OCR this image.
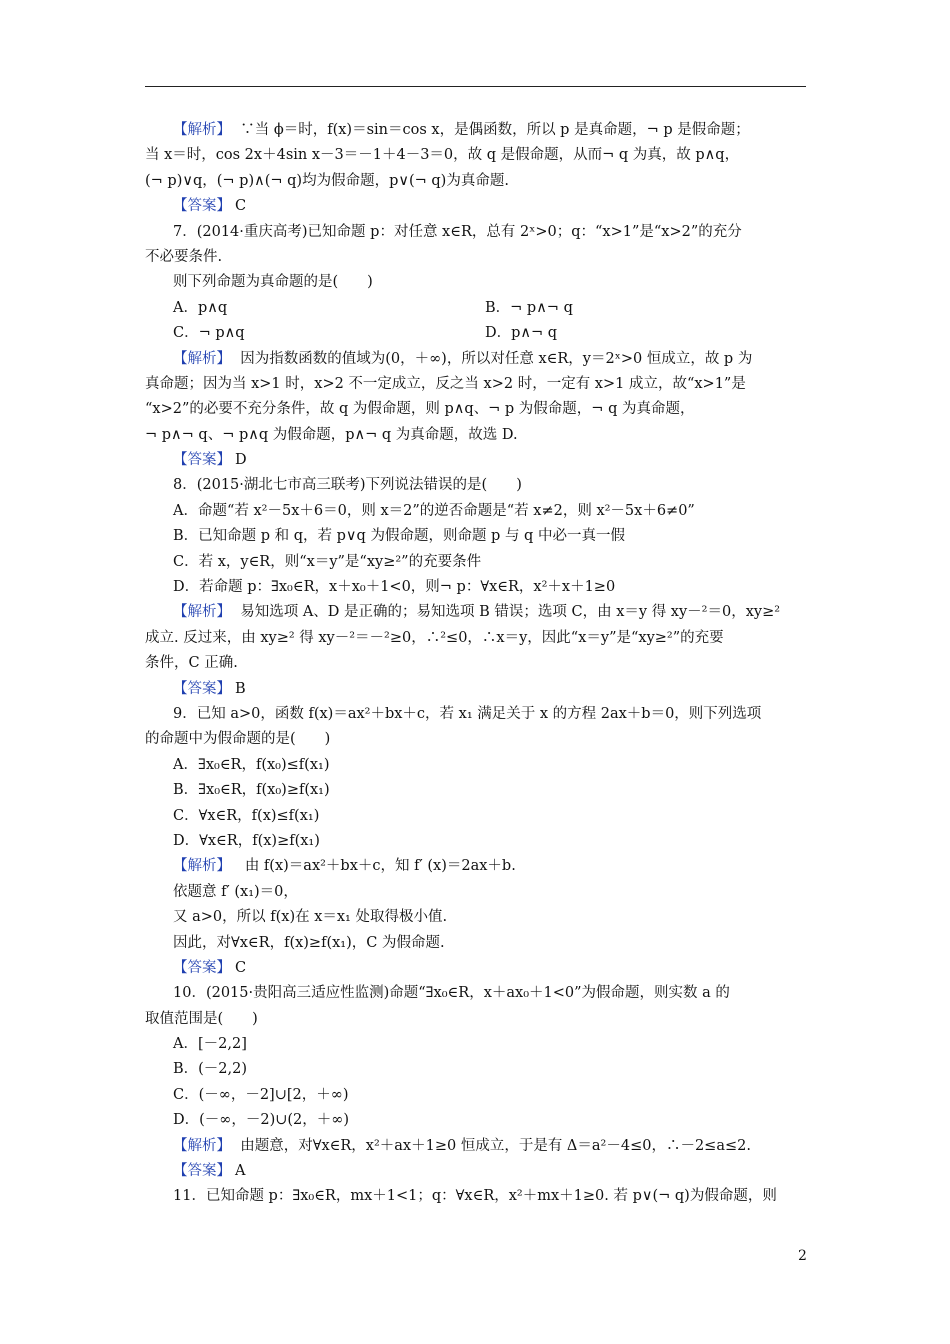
【解析】 ∵当 ϕ＝时，f(x)＝sin＝cos x，是偶函数，所以 p 是真命题，¬ p 是假命题；
当 x＝时，cos 2x＋4sin x－3＝－1＋4－3＝0，故 q 是假命题，从而¬ q 为真，故 p∧q，
(¬ p)∨q，(¬ p)∧(¬ q)均为假命题，p∨(¬ q)为真命题.
【答案】 C
7．(2014·重庆高考)已知命题 p：对任意 x∈R，总有 2ˣ>0；q：“x>1”是“x>2”的充分
不必要条件.
则下列命题为真命题的是(　　)
A．p∧q	B．¬ p∧¬ q
C．¬ p∧q	D．p∧¬ q
【解析】 因为指数函数的值域为(0，＋∞)，所以对任意 x∈R，y＝2ˣ>0 恒成立，故 p 为
真命题；因为当 x>1 时，x>2 不一定成立，反之当 x>2 时，一定有 x>1 成立，故“x>1”是
“x>2”的必要不充分条件，故 q 为假命题，则 p∧q、¬ p 为假命题，¬ q 为真命题，
¬ p∧¬ q、¬ p∧q 为假命题，p∧¬ q 为真命题，故选 D.
【答案】 D
8．(2015·湖北七市高三联考)下列说法错误的是(　　)
A．命题“若 x²－5x＋6＝0，则 x＝2”的逆否命题是“若 x≠2，则 x²－5x＋6≠0”
B．已知命题 p 和 q，若 p∨q 为假命题，则命题 p 与 q 中必一真一假
C．若 x，y∈R，则“x＝y”是“xy≥²”的充要条件
D．若命题 p：∃x₀∈R，x＋x₀＋1<0，则¬ p：∀x∈R，x²＋x＋1≥0
【解析】 易知选项 A、D 是正确的；易知选项 B 错误；选项 C，由 x＝y 得 xy－²＝0，xy≥²
成立. 反过来，由 xy≥² 得 xy－²＝－²≥0，∴²≤0，∴x＝y，因此“x＝y”是“xy≥²”的充要
条件，C 正确.
【答案】 B
9．已知 a>0，函数 f(x)＝ax²＋bx＋c，若 x₁ 满足关于 x 的方程 2ax＋b＝0，则下列选项
的命题中为假命题的是(　　)
A．∃x₀∈R，f(x₀)≤f(x₁)
B．∃x₀∈R，f(x₀)≥f(x₁)
C．∀x∈R，f(x)≤f(x₁)
D．∀x∈R，f(x)≥f(x₁)
【解析】 由 f(x)＝ax²＋bx＋c，知 f′ (x)＝2ax＋b.
依题意 f′ (x₁)＝0，
又 a>0，所以 f(x)在 x＝x₁ 处取得极小值.
因此，对∀x∈R，f(x)≥f(x₁)，C 为假命题.
【答案】 C
10．(2015·贵阳高三适应性监测)命题“∃x₀∈R，x＋ax₀＋1<0”为假命题，则实数 a 的
取值范围是(　　)
A．[－2,2]
B．(－2,2)
C．(－∞，－2]∪[2，＋∞)
D．(－∞，－2)∪(2，＋∞)
【解析】 由题意，对∀x∈R，x²＋ax＋1≥0 恒成立，于是有 Δ＝a²－4≤0，∴－2≤a≤2.
【答案】 A
11．已知命题 p：∃x₀∈R，mx＋1<1；q：∀x∈R，x²＋mx＋1≥0. 若 p∨(¬ q)为假命题，则
2
